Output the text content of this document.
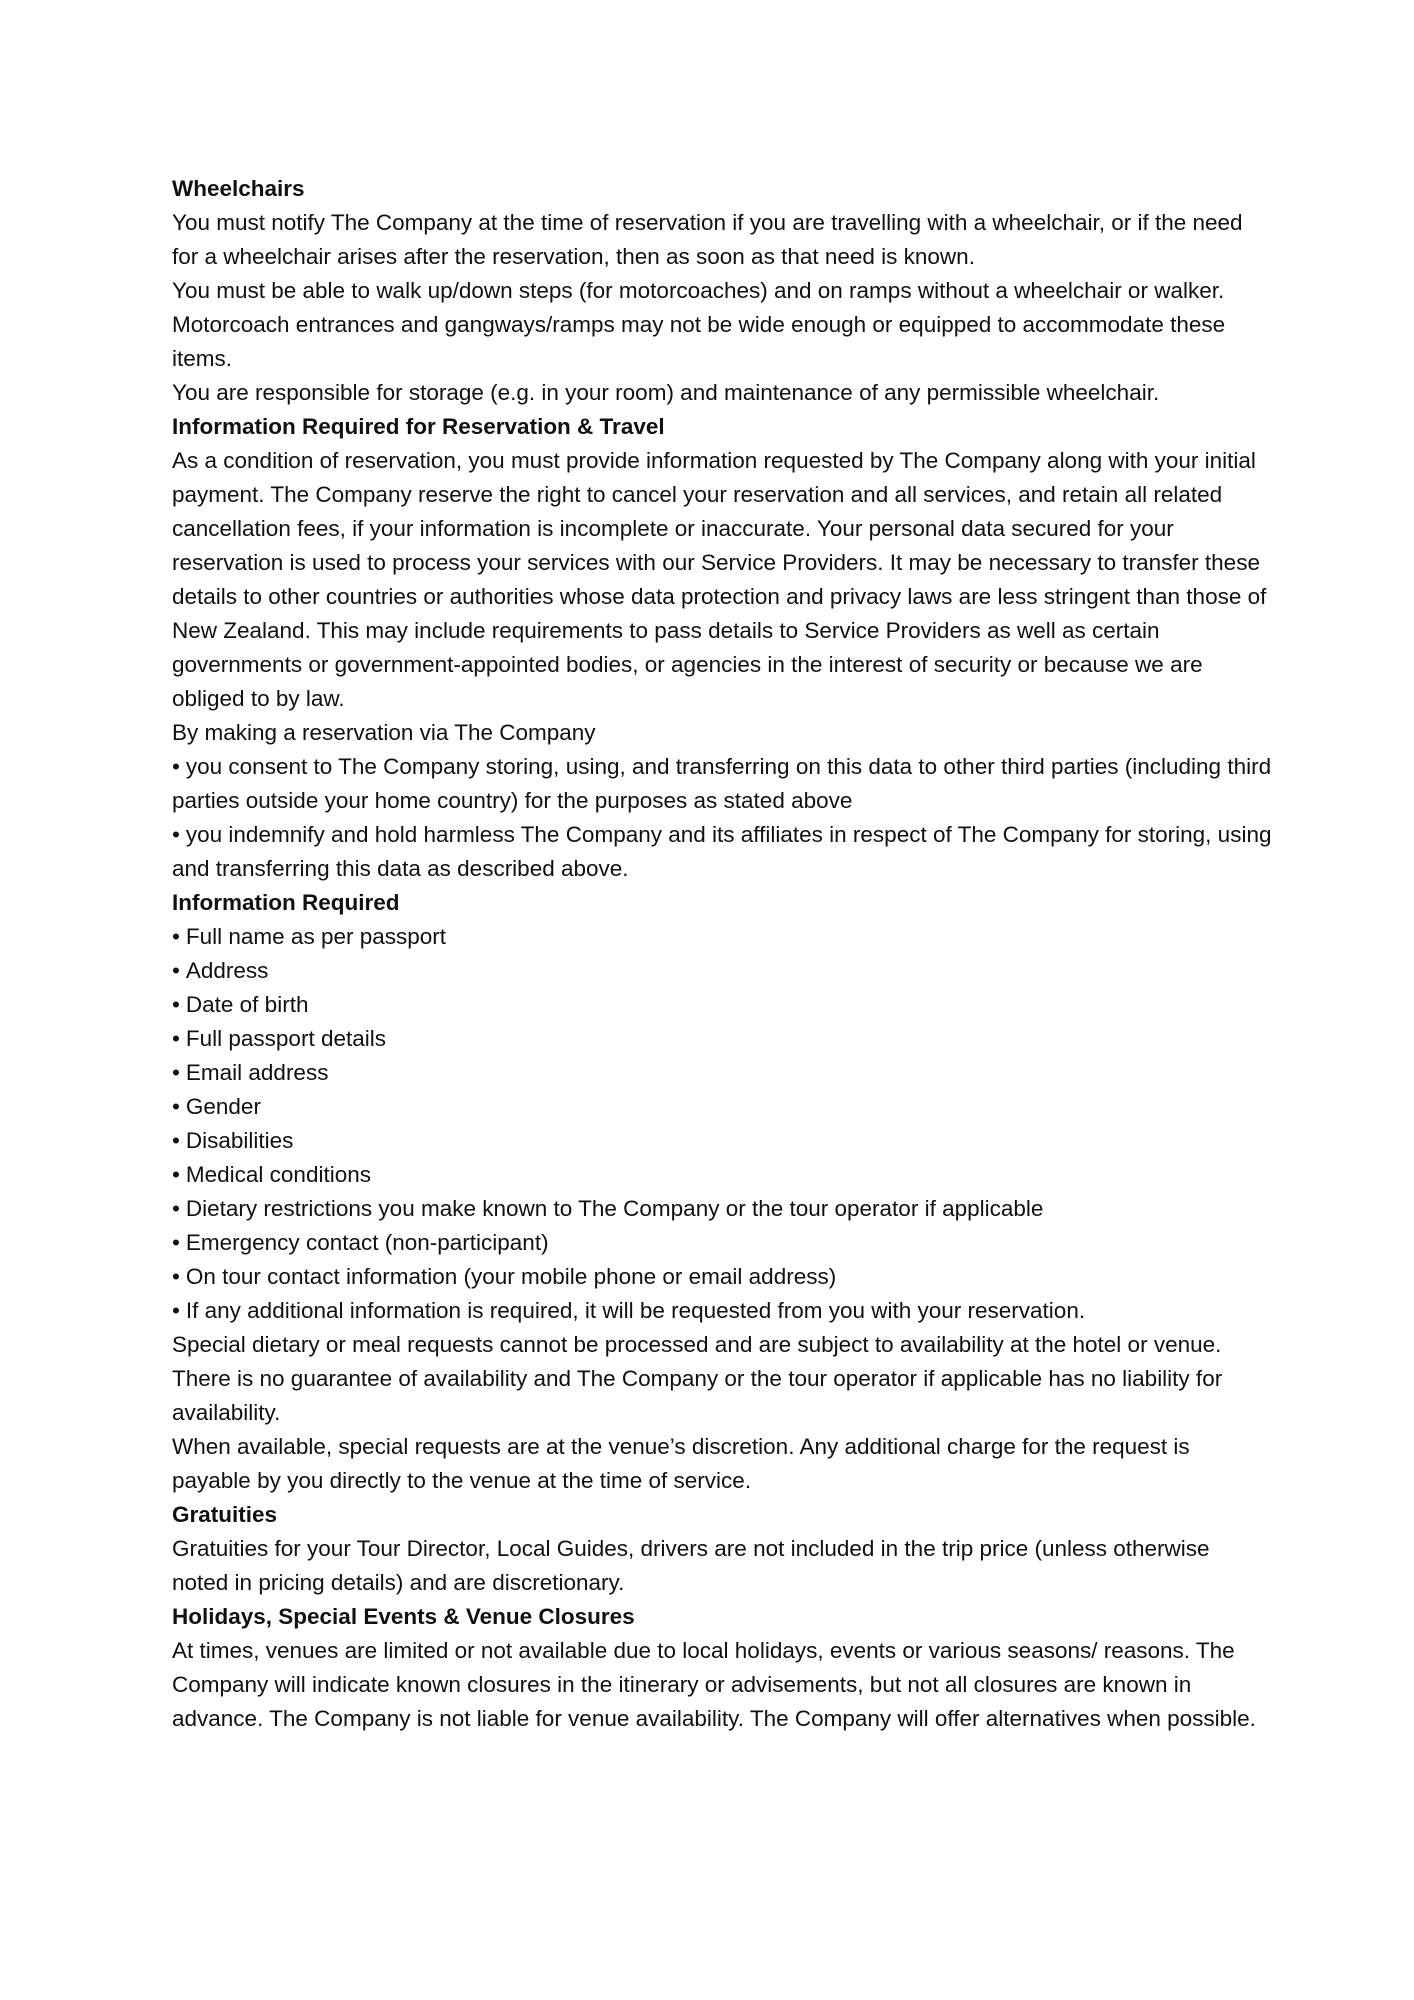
Wheelchairs

You must notify The Company at the time of reservation if you are travelling with a wheelchair, or if the need for a wheelchair arises after the reservation, then as soon as that need is known.

You must be able to walk up/down steps (for motorcoaches) and on ramps without a wheelchair or walker. Motorcoach entrances and gangways/ramps may not be wide enough or equipped to accommodate these items.

You are responsible for storage (e.g. in your room) and maintenance of any permissible wheelchair.

Information Required for Reservation & Travel

As a condition of reservation, you must provide information requested by The Company along with your initial payment. The Company reserve the right to cancel your reservation and all services, and retain all related cancellation fees, if your information is incomplete or inaccurate. Your personal data secured for your reservation is used to process your services with our Service Providers. It may be necessary to transfer these details to other countries or authorities whose data protection and privacy laws are less stringent than those of New Zealand. This may include requirements to pass details to Service Providers as well as certain governments or government-appointed bodies, or agencies in the interest of security or because we are obliged to by law.

By making a reservation via The Company

• you consent to The Company storing, using, and transferring on this data to other third parties (including third parties outside your home country) for the purposes as stated above

• you indemnify and hold harmless The Company and its affiliates in respect of The Company for storing, using and transferring this data as described above.

Information Required

• Full name as per passport

• Address

• Date of birth

• Full passport details

• Email address

• Gender

• Disabilities

• Medical conditions

• Dietary restrictions you make known to The Company or the tour operator if applicable

• Emergency contact (non-participant)

• On tour contact information (your mobile phone or email address)

• If any additional information is required, it will be requested from you with your reservation.

Special dietary or meal requests cannot be processed and are subject to availability at the hotel or venue. There is no guarantee of availability and The Company or the tour operator if applicable has no liability for availability.

When available, special requests are at the venue’s discretion. Any additional charge for the request is payable by you directly to the venue at the time of service.

Gratuities

Gratuities for your Tour Director, Local Guides, drivers are not included in the trip price (unless otherwise noted in pricing details) and are discretionary.

Holidays, Special Events & Venue Closures

At times, venues are limited or not available due to local holidays, events or various seasons/ reasons. The Company will indicate known closures in the itinerary or advisements, but not all closures are known in advance. The Company is not liable for venue availability. The Company will offer alternatives when possible.
